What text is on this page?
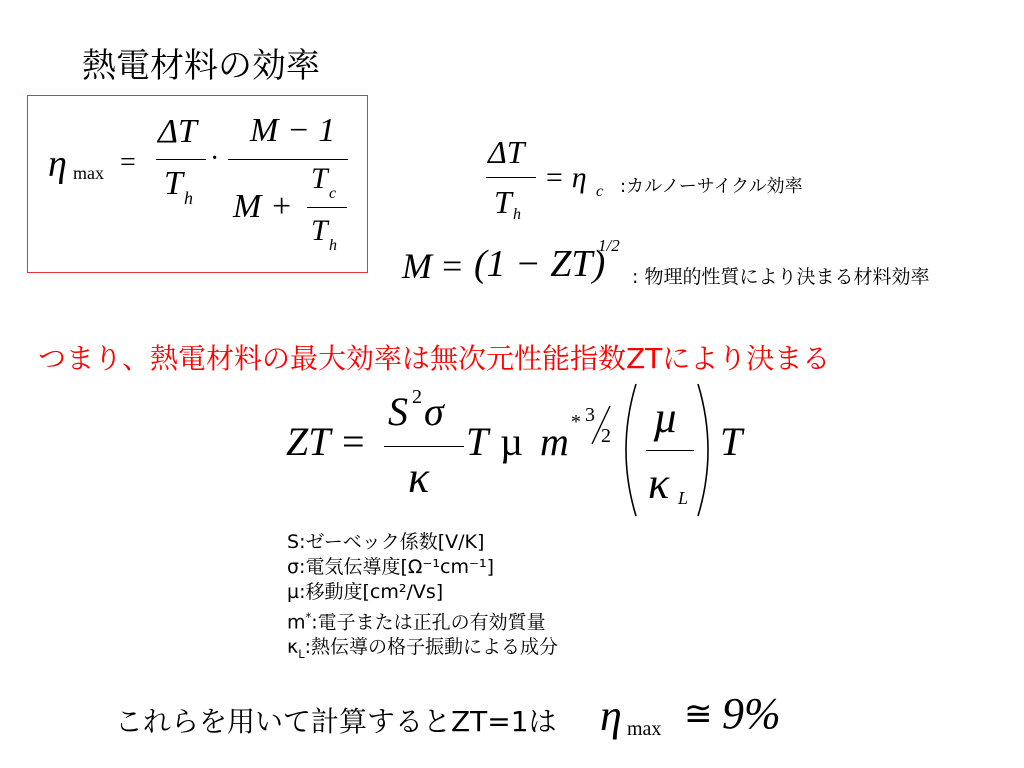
熱電材料の効率
η max =
ΔT
T h
·
M − 1
M +
T c
T h
ΔT
T h
= η c :カルノーサイクル効率
M = (1 − ZT)
1/2
: 物理的性質により決まる材料効率
つまり、熱電材料の最大効率は無次元性能指数ZTにより決まる
ZT =
S 2 σ
κ
T µ m * 3
2 µ
κ L
T
S:ゼーベック係数[V/K]
σ:電気伝導度[Ω⁻¹cm⁻¹]
µ:移動度[cm²/Vs]
m*:電子または正孔の有効質量
$\kappa_L$:熱伝導の格子振動による成分
これらを用いて計算するとZT=1は η max ≅ 9%
